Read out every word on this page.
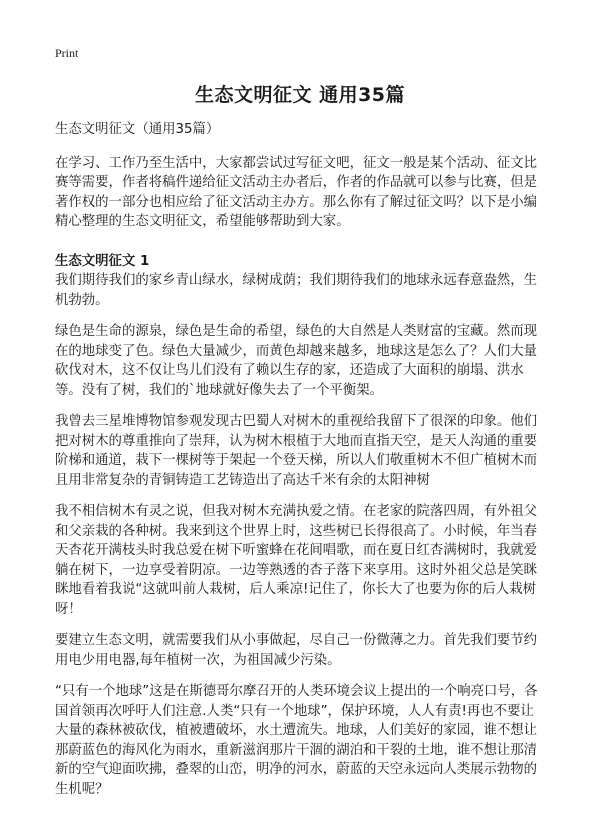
Print
生态文明征文 通用35篇

生态文明征文（通用35篇）

在学习、工作乃至生活中，大家都尝试过写征文吧，征文一般是某个活动、征文比赛等需要，作者将稿件递给征文活动主办者后，作者的作品就可以参与比赛，但是著作权的一部分也相应给了征文活动主办方。那么你有了解过征文吗？以下是小编精心整理的生态文明征文，希望能够帮助到大家。

生态文明征文 1

我们期待我们的家乡青山绿水，绿树成荫；我们期待我们的地球永远春意盎然，生机勃勃。

绿色是生命的源泉，绿色是生命的希望，绿色的大自然是人类财富的宝藏。然而现在的地球变了色。绿色大量减少，而黄色却越来越多，地球这是怎么了？人们大量砍伐对木，这不仅让鸟儿们没有了赖以生存的家，还造成了大面积的崩塌、洪水等。没有了树，我们的`地球就好像失去了一个平衡架。

我曾去三星堆博物馆参观发现古巴蜀人对树木的重视给我留下了很深的印象。他们把对树木的尊重推向了崇拜，认为树木根植于大地而直指天空，是天人沟通的重要阶梯和通道，栽下一棵树等于架起一个登天梯，所以人们敬重树木不但广植树木而且用非常复杂的青铜铸造工艺铸造出了高达千米有余的太阳神树

我不相信树木有灵之说，但我对树木充满执爱之情。在老家的院落四周，有外祖父和父亲栽的各种树。我来到这个世界上时，这些树已长得很高了。小时候，年当春天杏花开满枝头时我总爱在树下听蜜蜂在花间唱歌，而在夏日红杏满树时，我就爱躺在树下，一边享受着阴凉。一边等熟透的杏子落下来享用。这时外祖父总是笑眯眯地看着我说“这就叫前人栽树，后人乘凉!记住了，你长大了也要为你的后人栽树呀！

要建立生态文明，就需要我们从小事做起，尽自己一份微薄之力。首先我们要节约用电少用电器,每年植树一次，为祖国减少污染。

“只有一个地球”这是在斯德哥尔摩召开的人类环境会议上提出的一个响亮口号，各国首领再次呼吁人们注意.人类“只有一个地球”，保护环境，人人有责!再也不要让大量的森林被砍伐，植被遭破坏，水土遭流失。地球，人们美好的家园，谁不想让那蔚蓝色的海风化为雨水，重新滋润那片干涸的湖泊和干裂的土地，谁不想让那清新的空气迎面吹拂，叠翠的山峦，明净的河水，蔚蓝的天空永远向人类展示勃物的生机呢？
